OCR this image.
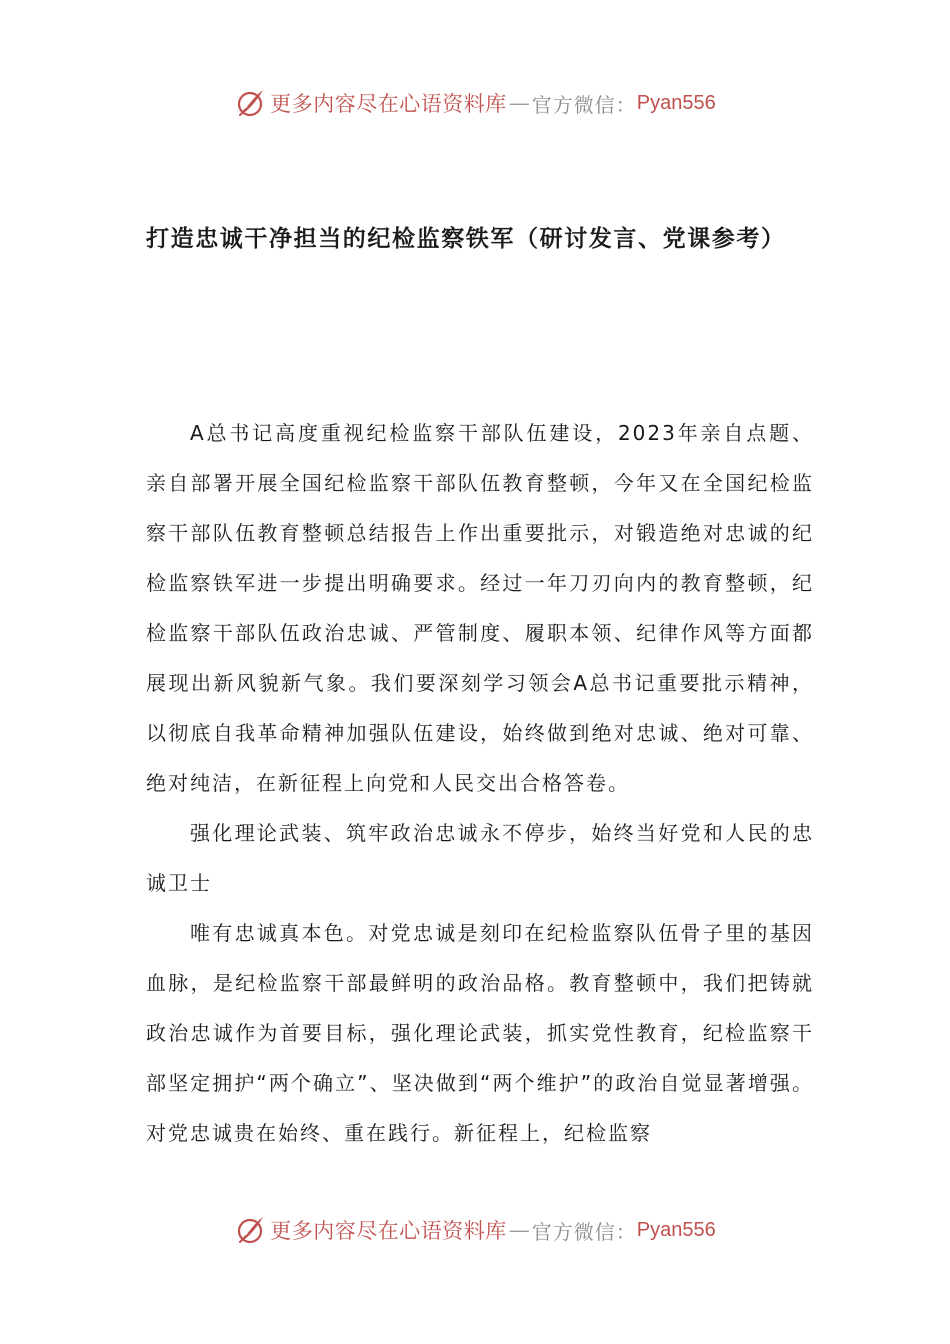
更多内容尽在心语资料库 — 官方微信： Pyan556
打造忠诚干净担当的纪检监察铁军（研讨发言、党课参考）

A总书记高度重视纪检监察干部队伍建设，2023年亲自点题、亲自部署开展全国纪检监察干部队伍教育整顿，今年又在全国纪检监察干部队伍教育整顿总结报告上作出重要批示，对锻造绝对忠诚的纪检监察铁军进一步提出明确要求。经过一年刀刃向内的教育整顿，纪检监察干部队伍政治忠诚、严管制度、履职本领、纪律作风等方面都展现出新风貌新气象。我们要深刻学习领会A总书记重要批示精神，以彻底自我革命精神加强队伍建设，始终做到绝对忠诚、绝对可靠、绝对纯洁，在新征程上向党和人民交出合格答卷。

强化理论武装、筑牢政治忠诚永不停步，始终当好党和人民的忠诚卫士

唯有忠诚真本色。对党忠诚是刻印在纪检监察队伍骨子里的基因血脉，是纪检监察干部最鲜明的政治品格。教育整顿中，我们把铸就政治忠诚作为首要目标，强化理论武装，抓实党性教育，纪检监察干部坚定拥护“两个确立”、坚决做到“两个维护”的政治自觉显著增强。对党忠诚贵在始终、重在践行。新征程上，纪检监察

更多内容尽在心语资料库 — 官方微信： Pyan556
